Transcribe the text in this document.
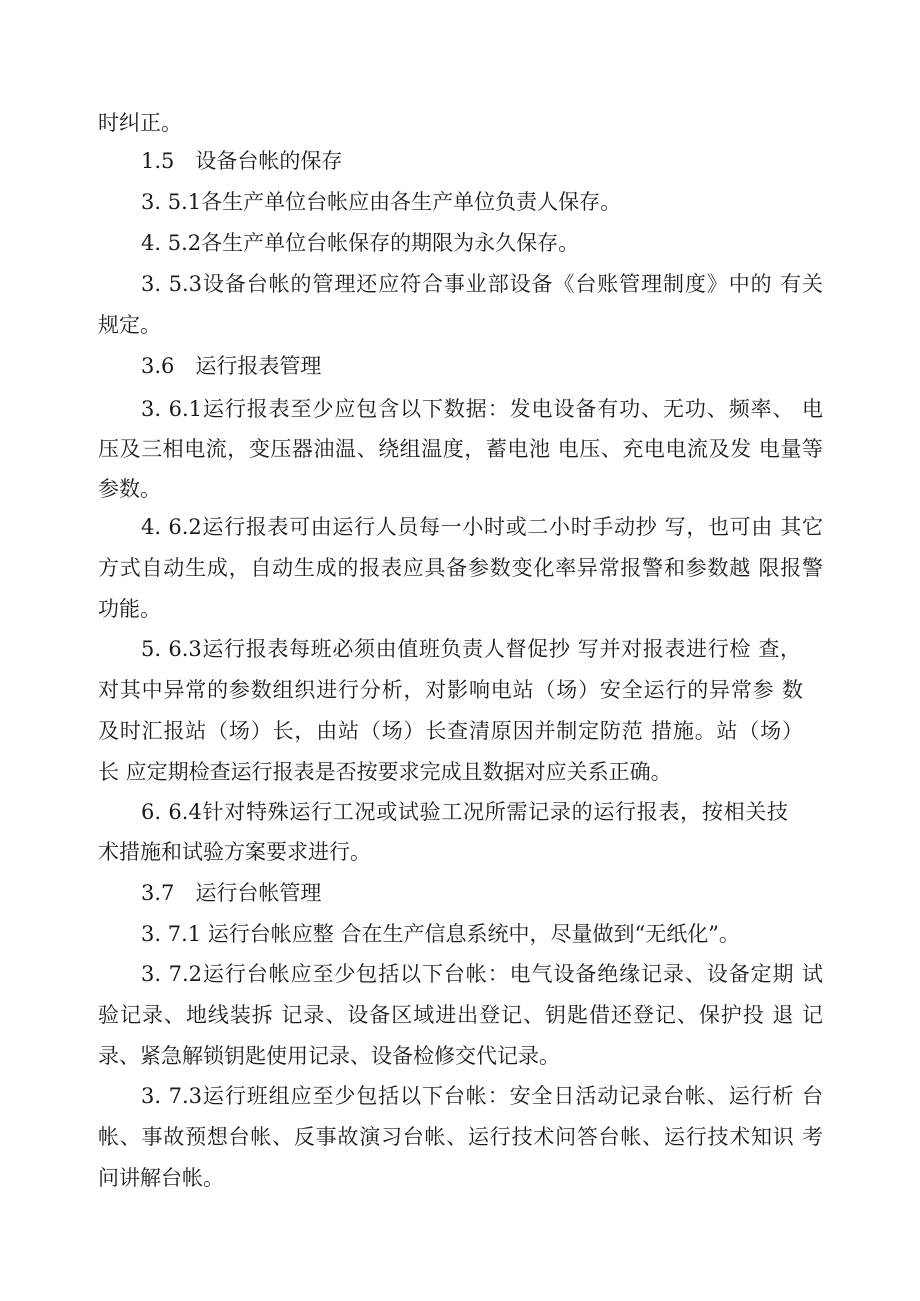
时纠正。
1.5　设备台帐的保存
3. 5.1各生产单位台帐应由各生产单位负责人保存。
4. 5.2各生产单位台帐保存的期限为永久保存。
3. 5.3设备台帐的管理还应符合事业部设备《台账管理制度》中的 有关
规定。
3.6　运行报表管理
3. 6.1运行报表至少应包含以下数据：发电设备有功、无功、频率、 电
压及三相电流，变压器油温、绕组温度，蓄电池 电压、充电电流及发 电量等
参数。
4. 6.2运行报表可由运行人员每一小时或二小时手动抄 写，也可由 其它
方式自动生成，自动生成的报表应具备参数变化率异常报警和参数越 限报警
功能。
5. 6.3运行报表每班必须由值班负责人督促抄 写并对报表进行检 查，
对其中异常的参数组织进行分析，对影响电站（场）安全运行的异常参 数
及时汇报站（场）长，由站（场）长查清原因并制定防范 措施。站（场）
长 应定期检查运行报表是否按要求完成且数据对应关系正确。
6. 6.4针对特殊运行工况或试验工况所需记录的运行报表，按相关技
术措施和试验方案要求进行。
3.7　运行台帐管理
3. 7.1 运行台帐应整 合在生产信息系统中，尽量做到“无纸化”。
3. 7.2运行台帐应至少包括以下台帐：电气设备绝缘记录、设备定期 试
验记录、地线装拆 记录、设备区域进出登记、钥匙借还登记、保护投 退 记
录、紧急解锁钥匙使用记录、设备检修交代记录。
3. 7.3运行班组应至少包括以下台帐：安全日活动记录台帐、运行析 台
帐、事故预想台帐、反事故演习台帐、运行技术问答台帐、运行技术知识 考
问讲解台帐。
